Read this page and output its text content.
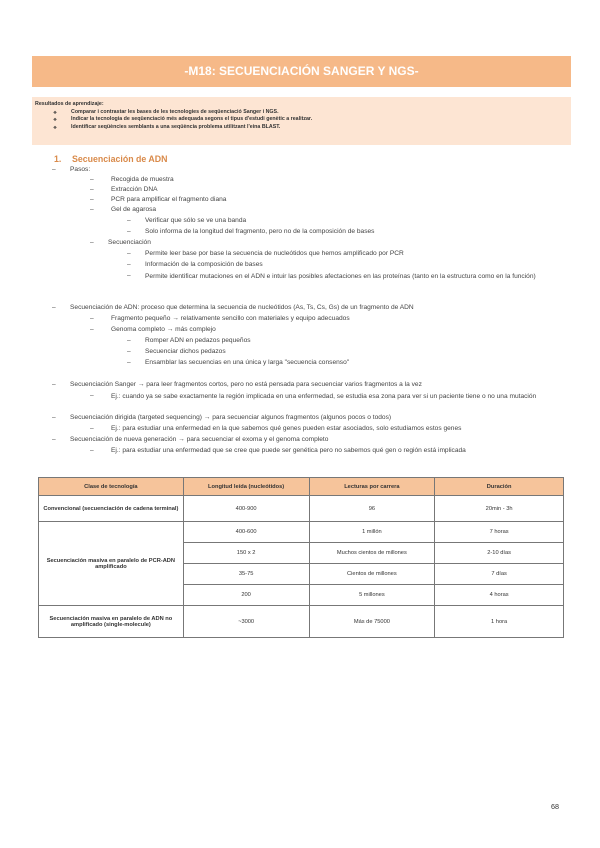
-M18: SECUENCIACIÓN SANGER Y NGS-
Resultados de aprendizaje:
❖ Comparar i contrastar les bases de les tecnologies de seqüenciació Sanger i NGS.
❖ Indicar la tecnologia de seqüenciació més adequada segons el tipus d'estudi genètic a realitzar.
❖ Identificar seqüències semblants a una seqüència problema utilitzant l'eina BLAST.
1. Secuenciación de ADN
– Pasos:
–	Recogida de muestra
–	Extracción DNA
–	PCR para amplificar el fragmento diana
–	Gel de agarosa
– Verificar que sólo se ve una banda
– Solo informa de la longitud del fragmento, pero no de la composición de bases
– Secuenciación
– Permite leer base por base la secuencia de nucleótidos que hemos amplificado por PCR
– Información de la composición de bases
– Permite identificar mutaciones en el ADN e intuir las posibles afectaciones en las proteínas (tanto en la estructura como en la función)
– Secuenciación de ADN: proceso que determina la secuencia de nucleótidos (As, Ts, Cs, Gs) de un fragmento de ADN
–	Fragmento pequeño → relativamente sencillo con materiales y equipo adecuados
–	Genoma completo → más complejo
– Romper ADN en pedazos pequeños
– Secuenciar dichos pedazos
– Ensamblar las secuencias en una única y larga "secuencia consenso"
– Secuenciación Sanger → para leer fragmentos cortos, pero no está pensada para secuenciar varios fragmentos a la vez
–	Ej.: cuando ya se sabe exactamente la región implicada en una enfermedad, se estudia esa zona para ver si un paciente tiene o no una mutación
– Secuenciación dirigida (targeted sequencing) → para secuenciar algunos fragmentos (algunos pocos o todos)
–	Ej.: para estudiar una enfermedad en la que sabemos qué genes pueden estar asociados, solo estudiamos estos genes
– Secuenciación de nueva generación → para secuenciar el exoma y el genoma completo
–	Ej.: para estudiar una enfermedad que se cree que puede ser genética pero no sabemos qué gen o región está implicada
Clase de tecnología	Longitud leída (nucleótidos)	Lecturas por carrera	Duración
Convencional (secuenciación de cadena terminal)	400-900	96	20min - 3h
Secuenciación masiva en paralelo de PCR-ADN amplificado	400-600	1 millón	7 horas
	150 x 2	Muchos cientos de millones	2-10 días
	35-75	Cientos de millones	7 días
	200	5 millones	4 horas
Secuenciación masiva en paralelo de ADN no amplificado (single-molecule)	~3000	Más de 75000	1 hora
68
